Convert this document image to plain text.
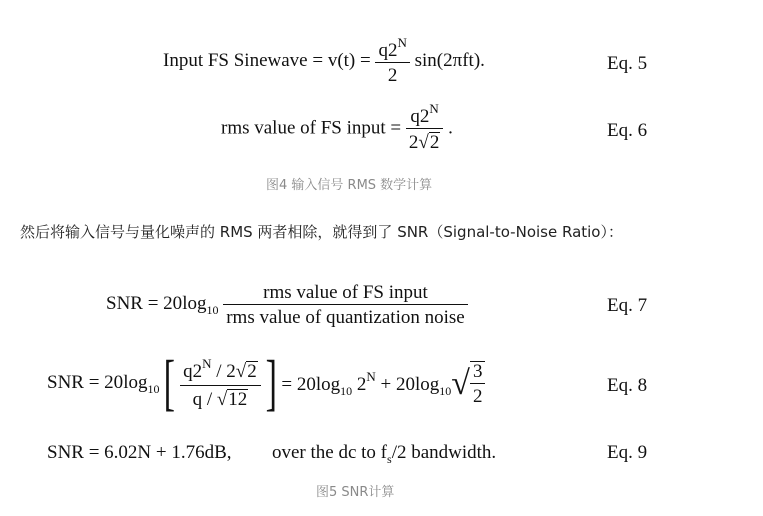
Input FS Sinewave = $v(t) = \frac{q2^N}{2} \sin(2\pi ft)$.	Eq. 5
rms value of FS input = $\frac{q2^N}{2√2}$ .	Eq. 6
图4 输入信号 RMS 数学计算
然后将输入信号与量化噪声的 RMS 两者相除，就得到了 SNR（Signal-to-Noise Ratio）：
SNR = $20\log_{10} \frac{\text{rms value of FS input}}{\text{rms value of quantization noise}}$	Eq. 7
SNR = $20\log_{10}[ \frac{q2^N / 2√2}{q / √12}$ ] = $20\log_{10}$ $2^N + 20\log_{10}√ \frac{3}{2}$	Eq. 8
SNR = 6.02N + 1.76dB, over the dc to $f_s/2$ bandwidth.	Eq. 9
图5 SNR计算
